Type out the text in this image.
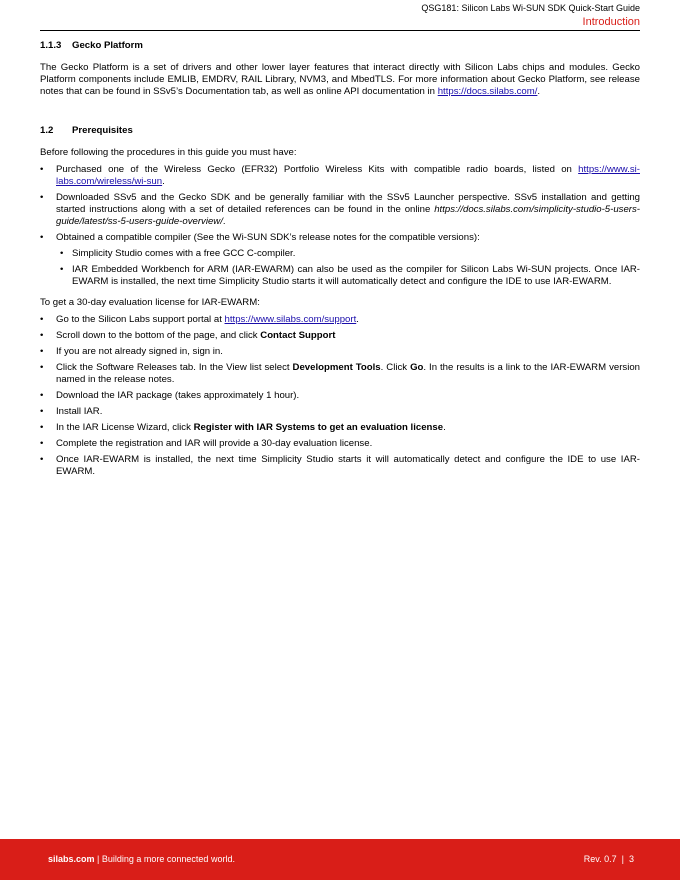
QSG181: Silicon Labs Wi-SUN SDK Quick-Start Guide
Introduction
1.1.3	Gecko Platform

The Gecko Platform is a set of drivers and other lower layer features that interact directly with Silicon Labs chips and modules. Gecko Platform components include EMLIB, EMDRV, RAIL Library, NVM3, and MbedTLS. For more information about Gecko Platform, see release notes that can be found in SSv5’s Documentation tab, as well as online API documentation in https://docs.silabs.com/.

1.2	Prerequisites

Before following the procedures in this guide you must have:

• Purchased one of the Wireless Gecko (EFR32) Portfolio Wireless Kits with compatible radio boards, listed on https://www.si-labs.com/wireless/wi-sun.
• Downloaded SSv5 and the Gecko SDK and be generally familiar with the SSv5 Launcher perspective. SSv5 installation and getting started instructions along with a set of detailed references can be found in the online https://docs.silabs.com/simplicity-studio-5-users-guide/latest/ss-5-users-guide-overview/.
• Obtained a compatible compiler (See the Wi-SUN SDK’s release notes for the compatible versions):
• Simplicity Studio comes with a free GCC C-compiler.
• IAR Embedded Workbench for ARM (IAR-EWARM) can also be used as the compiler for Silicon Labs Wi-SUN projects. Once IAR-EWARM is installed, the next time Simplicity Studio starts it will automatically detect and configure the IDE to use IAR-EWARM.

To get a 30-day evaluation license for IAR-EWARM:

• Go to the Silicon Labs support portal at https://www.silabs.com/support.
• Scroll down to the bottom of the page, and click Contact Support
• If you are not already signed in, sign in.
• Click the Software Releases tab. In the View list select Development Tools. Click Go. In the results is a link to the IAR-EWARM version named in the release notes.
• Download the IAR package (takes approximately 1 hour).
• Install IAR.
• In the IAR License Wizard, click Register with IAR Systems to get an evaluation license.
• Complete the registration and IAR will provide a 30-day evaluation license.
• Once IAR-EWARM is installed, the next time Simplicity Studio starts it will automatically detect and configure the IDE to use IAR-EWARM.
silabs.com | Building a more connected world.	Rev. 0.7  |  3
